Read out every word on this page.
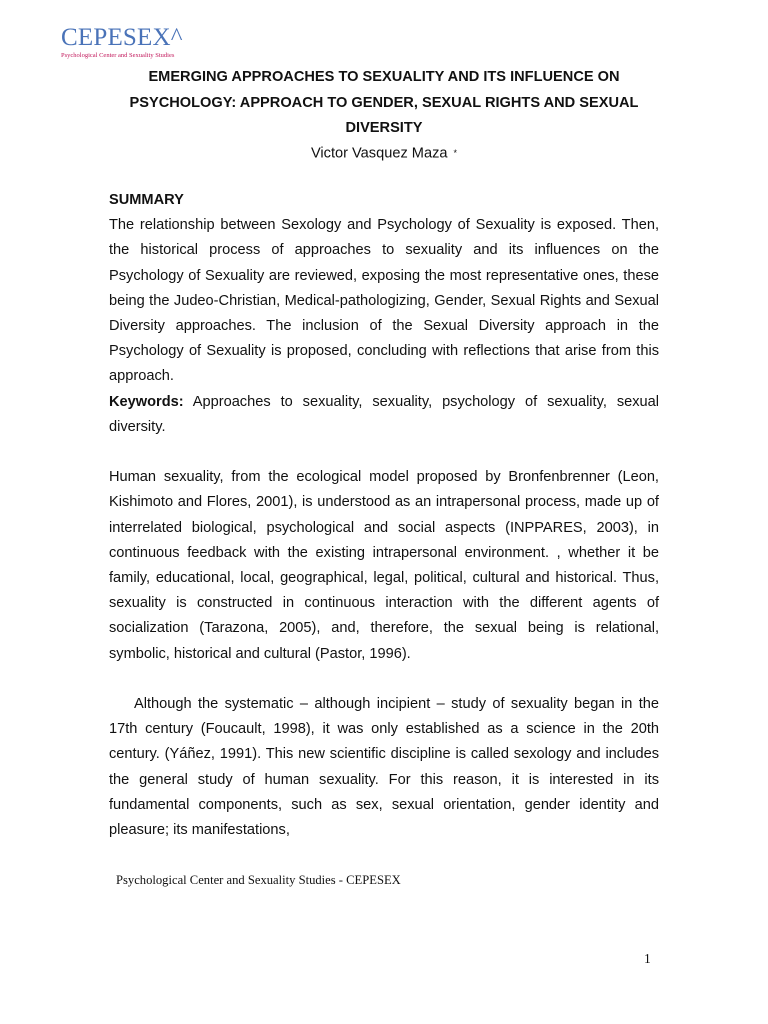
CEPESEX^
Psychological Center and Sexuality Studies
EMERGING APPROACHES TO SEXUALITY AND ITS INFLUENCE ON PSYCHOLOGY: APPROACH TO GENDER, SEXUAL RIGHTS AND SEXUAL DIVERSITY
Victor Vasquez Maza *

SUMMARY

The relationship between Sexology and Psychology of Sexuality is exposed. Then, the historical process of approaches to sexuality and its influences on the Psychology of Sexuality are reviewed, exposing the most representative ones, these being the Judeo-Christian, Medical-pathologizing, Gender, Sexual Rights and Sexual Diversity approaches. The inclusion of the Sexual Diversity approach in the Psychology of Sexuality is proposed, concluding with reflections that arise from this approach.

Keywords: Approaches to sexuality, sexuality, psychology of sexuality, sexual diversity.

Human sexuality, from the ecological model proposed by Bronfenbrenner (Leon, Kishimoto and Flores, 2001), is understood as an intrapersonal process, made up of interrelated biological, psychological and social aspects (INPPARES, 2003), in continuous feedback with the existing intrapersonal environment. , whether it be family, educational, local, geographical, legal, political, cultural and historical. Thus, sexuality is constructed in continuous interaction with the different agents of socialization (Tarazona, 2005), and, therefore, the sexual being is relational, symbolic, historical and cultural (Pastor, 1996).

Although the systematic – although incipient – study of sexuality began in the 17th century (Foucault, 1998), it was only established as a science in the 20th century. (Yáñez, 1991). This new scientific discipline is called sexology and includes the general study of human sexuality. For this reason, it is interested in its fundamental components, such as sex, sexual orientation, gender identity and pleasure; its manifestations,

Psychological Center and Sexuality Studies - CEPESEX
1
